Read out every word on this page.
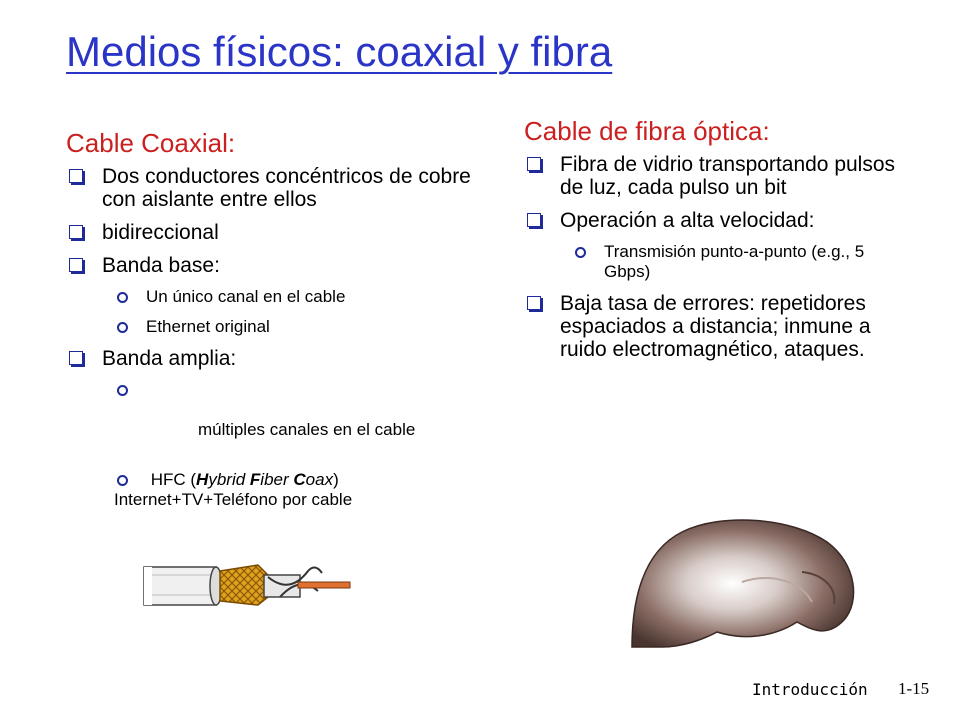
Medios físicos: coaxial y fibra
Cable Coaxial:
Dos conductores concéntricos de cobre con aislante entre ellos
bidireccional
Banda base:
Un único canal en el cable
Ethernet original
Banda amplia:

múltiples canales en el cable

HFC (Hybrid Fiber Coax)
Internet+TV+Teléfono por cable
Cable de fibra óptica:
Fibra de vidrio transportando pulsos de luz, cada pulso un bit
Operación a alta velocidad:
Transmisión punto-a-punto (e.g., 5 Gbps)
Baja tasa de errores: repetidores espaciados a distancia; inmune a ruido electromagnético, ataques.
Introducción 1-15
